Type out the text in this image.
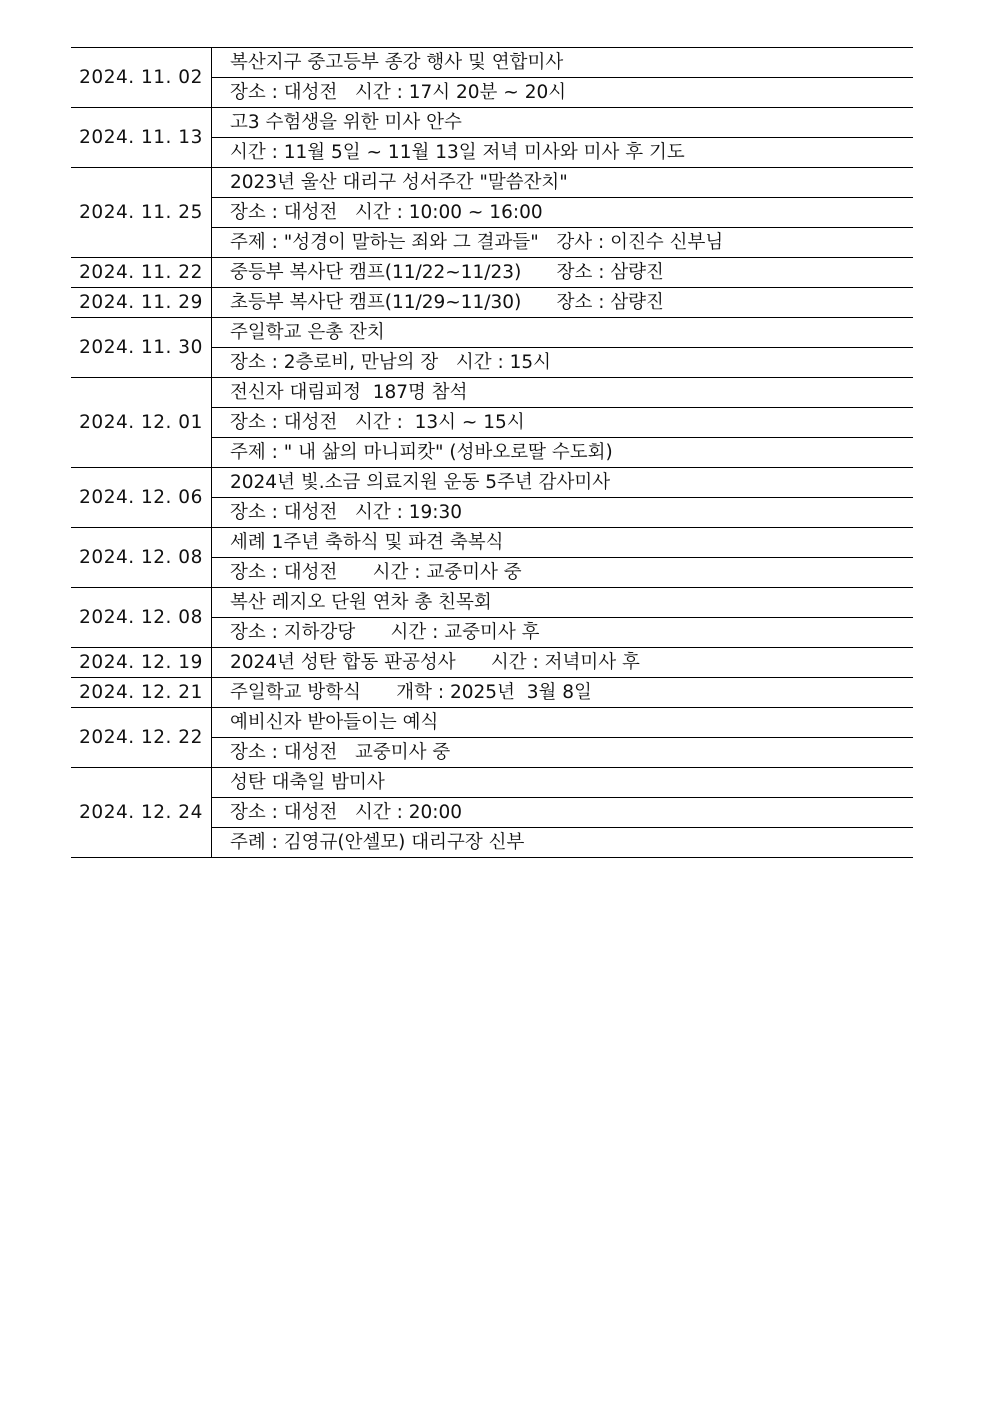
2024. 11. 02	복산지구 중고등부 종강 행사 및 연합미사
	장소 : 대성전   시간 : 17시 20분 ~ 20시
2024. 11. 13	고3 수험생을 위한 미사 안수
	시간 : 11월 5일 ~ 11월 13일 저녁 미사와 미사 후 기도
2024. 11. 25	2023년 울산 대리구 성서주간 "말씀잔치"
	장소 : 대성전   시간 : 10:00 ~ 16:00
	주제 : "성경이 말하는 죄와 그 결과들"   강사 : 이진수 신부님
2024. 11. 22	중등부 복사단 캠프(11/22~11/23)      장소 : 삼량진
2024. 11. 29	초등부 복사단 캠프(11/29~11/30)      장소 : 삼량진
2024. 11. 30	주일학교 은총 잔치
	장소 : 2층로비, 만남의 장   시간 : 15시
2024. 12. 01	전신자 대림피정  187명 참석
	장소 : 대성전   시간 :  13시 ~ 15시
	주제 : " 내 삶의 마니피캇" (성바오로딸 수도회)
2024. 12. 06	2024년 빛.소금 의료지원 운동 5주년 감사미사
	장소 : 대성전   시간 : 19:30
2024. 12. 08	세례 1주년 축하식 및 파견 축복식
	장소 : 대성전      시간 : 교중미사 중
2024. 12. 08	복산 레지오 단원 연차 총 친목회
	장소 : 지하강당      시간 : 교중미사 후
2024. 12. 19	2024년 성탄 합동 판공성사      시간 : 저녁미사 후
2024. 12. 21	주일학교 방학식      개학 : 2025년  3월 8일
2024. 12. 22	예비신자 받아들이는 예식
	장소 : 대성전   교중미사 중
2024. 12. 24	성탄 대축일 밤미사
	장소 : 대성전   시간 : 20:00
	주례 : 김영규(안셀모) 대리구장 신부
